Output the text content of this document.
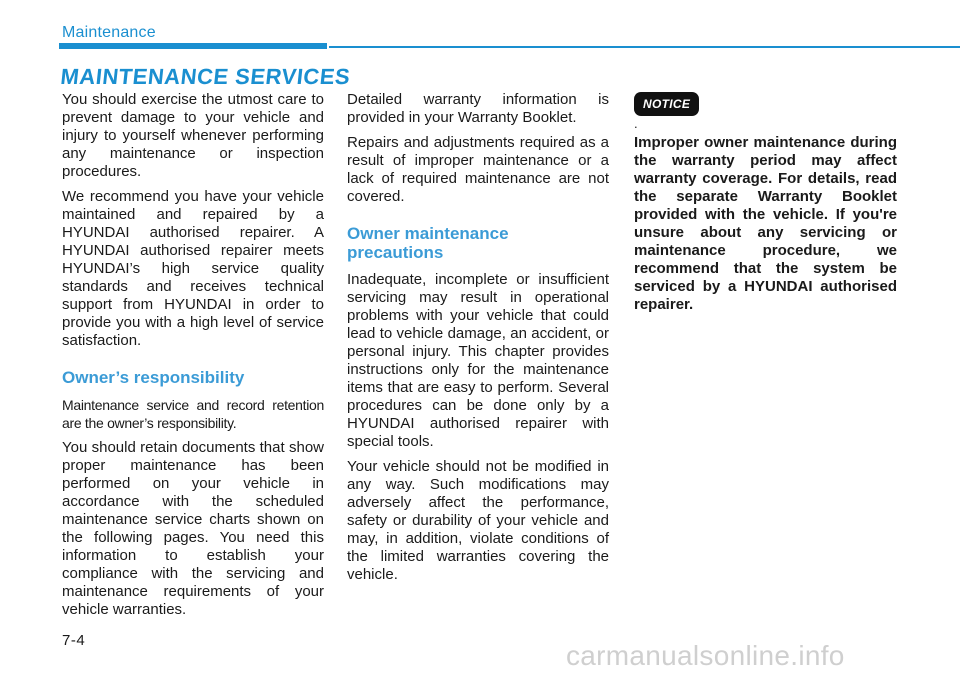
Maintenance
MAINTENANCE SERVICES

You should exercise the utmost care to prevent damage to your vehicle and injury to yourself whenever performing any maintenance or inspection procedures.

We recommend you have your vehicle maintained and repaired by a HYUNDAI authorised repairer. A HYUNDAI authorised repairer meets HYUNDAI’s high service quality standards and receives technical support from HYUNDAI in order to provide you with a high level of service satisfaction.

Owner’s responsibility

Maintenance service and record retention are the owner’s responsibility.

You should retain documents that show proper maintenance has been performed on your vehicle in accordance with the scheduled maintenance service charts shown on the following pages. You need this information to establish your compliance with the servicing and maintenance requirements of your vehicle warranties.

Detailed warranty information is provided in your Warranty Booklet.

Repairs and adjustments required as a result of improper maintenance or a lack of required maintenance are not covered.

Owner maintenance precautions

Inadequate, incomplete or insufficient servicing may result in operational problems with your vehicle that could lead to vehicle damage, an accident, or personal injury. This chapter provides instructions only for the maintenance items that are easy to perform. Several procedures can be done only by a HYUNDAI authorised repairer with special tools.

Your vehicle should not be modified in any way. Such modifications may adversely affect the performance, safety or durability of your vehicle and may, in addition, violate conditions of the limited warranties covering the vehicle.

NOTICE
.
Improper owner maintenance during the warranty period may affect warranty coverage. For details, read the separate Warranty Booklet provided with the vehicle. If you're unsure about any servicing or maintenance procedure, we recommend that the system be serviced by a HYUNDAI authorised repairer.
7-4	carmanualsonline.info
